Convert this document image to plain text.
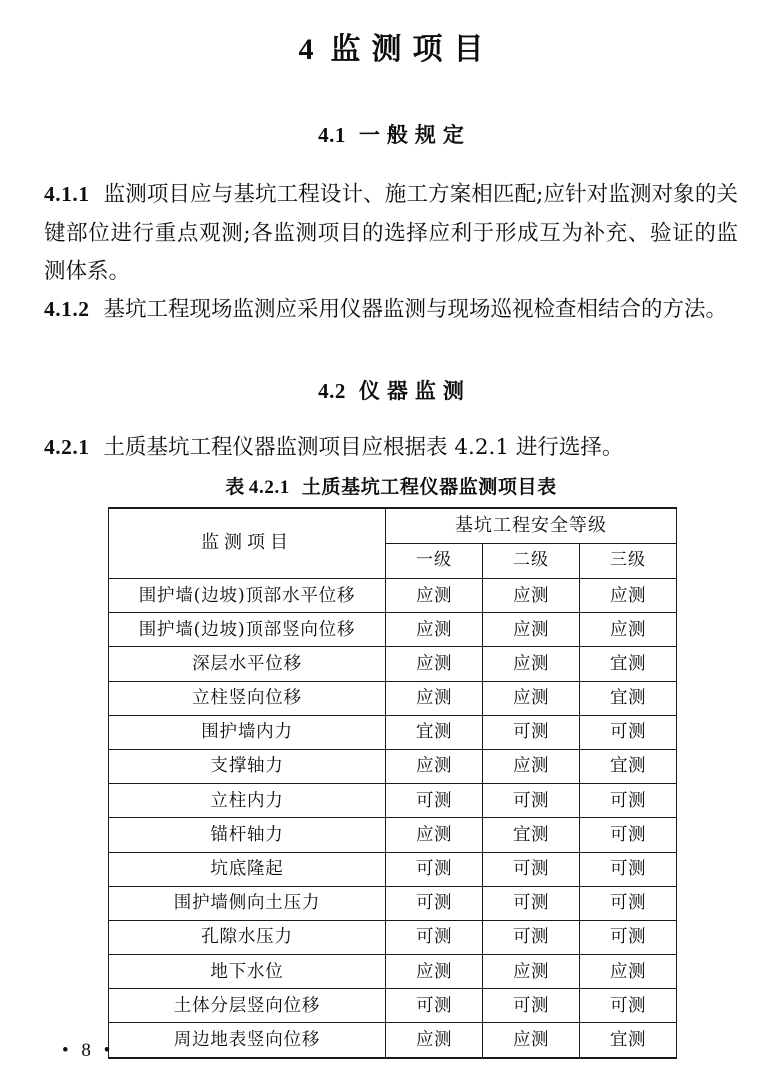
4 监测项目
4.1 一般规定

4.1.1 监测项目应与基坑工程设计、施工方案相匹配;应针对监测对象的关键部位进行重点观测;各监测项目的选择应利于形成互为补充、验证的监测体系。

4.1.2 基坑工程现场监测应采用仪器监测与现场巡视检查相结合的方法。

4.2 仪器监测

4.2.1 土质基坑工程仪器监测项目应根据表 4.2.1 进行选择。

表 4.2.1 土质基坑工程仪器监测项目表

监测项目	基坑工程安全等级		
	一级	二级	三级
围护墙(边坡)顶部水平位移	应测	应测	应测
围护墙(边坡)顶部竖向位移	应测	应测	应测
深层水平位移	应测	应测	宜测
立柱竖向位移	应测	应测	宜测
围护墙内力	宜测	可测	可测
支撑轴力	应测	应测	宜测
立柱内力	可测	可测	可测
锚杆轴力	应测	宜测	可测
坑底隆起	可测	可测	可测
围护墙侧向土压力	可测	可测	可测
孔隙水压力	可测	可测	可测
地下水位	应测	应测	应测
土体分层竖向位移	可测	可测	可测
周边地表竖向位移	应测	应测	宜测
• 8 •
